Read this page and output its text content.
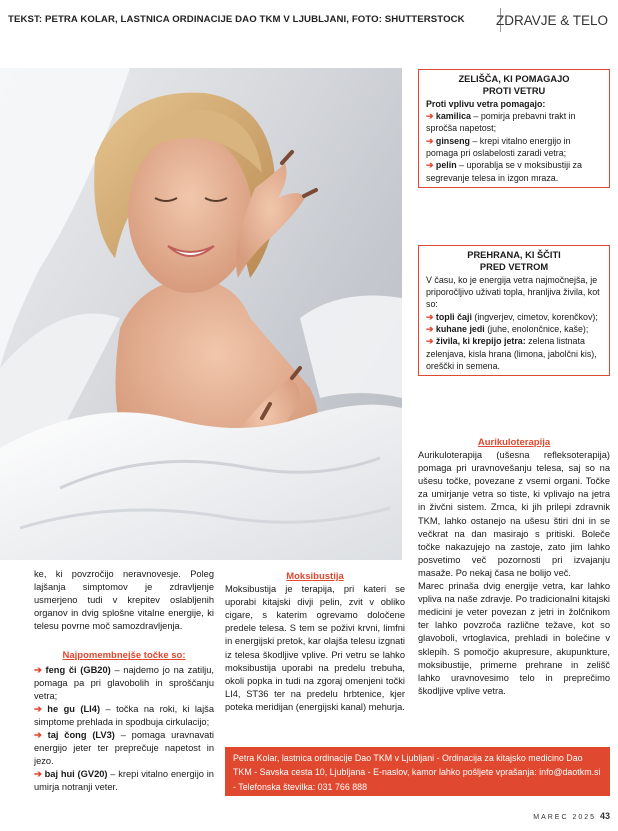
TEKST: PETRA KOLAR, LASTNICA ORDINACIJE DAO TKM V LJUBLJANI, FOTO: SHUTTERSTOCK ZDRAVJE & TELO
ZELIŠČA, KI POMAGAJO
PROTI VETRU

Proti vplivu vetra pomagajo:

➔ kamilica – pomirja prebavni trakt in spročša napetost;

➔ ginseng – krepi vitalno energijo in pomaga pri oslabelosti zaradi vetra;

➔ pelin – uporablja se v moksibustiji za segrevanje telesa in izgon mraza.

PREHRANA, KI ŠČITI
PRED VETROM

V času, ko je energija vetra najmočnejša, je priporočljivo uživati topla, hranljiva živila, kot so:

➔ topli čaji (ingverjev, cimetov, korenčkov);

➔ kuhane jedi (juhe, enolončnice, kaše);

➔ živila, ki krepijo jetra: zelena listnata zelenjava, kisla hrana (limona, jabolčni kis), oreščki in semena.

Aurikuloterapija

Aurikuloterapija (ušesna refleksoterapija) pomaga pri uravnovešanju telesa, saj so na ušesu točke, povezane z vsemi organi. Točke za umirjanje vetra so tiste, ki vplivajo na jetra in živčni sistem. Zrnca, ki jih prilepi zdravnik TKM, lahko ostanejo na ušesu štiri dni in se večkrat na dan masirajo s pritiski. Boleče točke nakazujejo na zastoje, zato jim lahko posvetimo več pozornosti pri izvajanju masaže. Po nekaj časa ne bolijo več.

Marec prinaša dvig energije vetra, kar lahko vpliva na naše zdravje. Po tradicionalni kitajski medicini je veter povezan z jetri in žolčnikom ter lahko povzroča različne težave, kot so glavoboli, vrtoglavica, prehladi in bolečine v sklepih. S pomočjo akupresure, akupunkture, moksibustije, primerne prehrane in zelišč lahko uravnovesimo telo in preprečimo škodljive vplive vetra.

ke, ki povzročijo neravnovesje. Poleg lajšanja simptomov je zdravljenje usmerjeno tudi v krepitev oslabljenih organov in dvig splošne vitalne energije, ki telesu povrne moč samozdravljenja.

Najpomembnejše točke so:

➔ feng či (GB20) – najdemo jo na zatilju, pomaga pa pri glavobolih in sproščanju vetra;

➔ he gu (LI4) – točka na roki, ki lajša simptome prehlada in spodbuja cirkulacijo;

➔ taj čong (LV3) – pomaga uravnavati energijo jeter ter preprečuje napetost in jezo.

➔ baj hui (GV20) – krepi vitalno energijo in umirja notranji veter.

Moksibustija

Moksibustija je terapija, pri kateri se uporabi kitajski divji pelin, zvit v obliko cigare, s katerim ogrevamo določene predele telesa. S tem se poživi krvni, limfni in energijski pretok, kar olajša telesu izgnati iz telesa škodljive vplive. Pri vetru se lahko moksibustija uporabi na predelu trebuha, okoli popka in tudi na zgoraj omenjeni točki LI4, ST36 ter na predelu hrbtenice, kjer poteka meridijan (energijski kanal) mehurja.

Petra Kolar, lastnica ordinacije Dao TKM v Ljubljani - Ordinacija za kitajsko medicino Dao TKM - Savska cesta 10, Ljubljana - E-naslov, kamor lahko pošljete vprašanja: info@daotkm.si - Telefonska številka: 031 766 888
MAREC 2025 43
